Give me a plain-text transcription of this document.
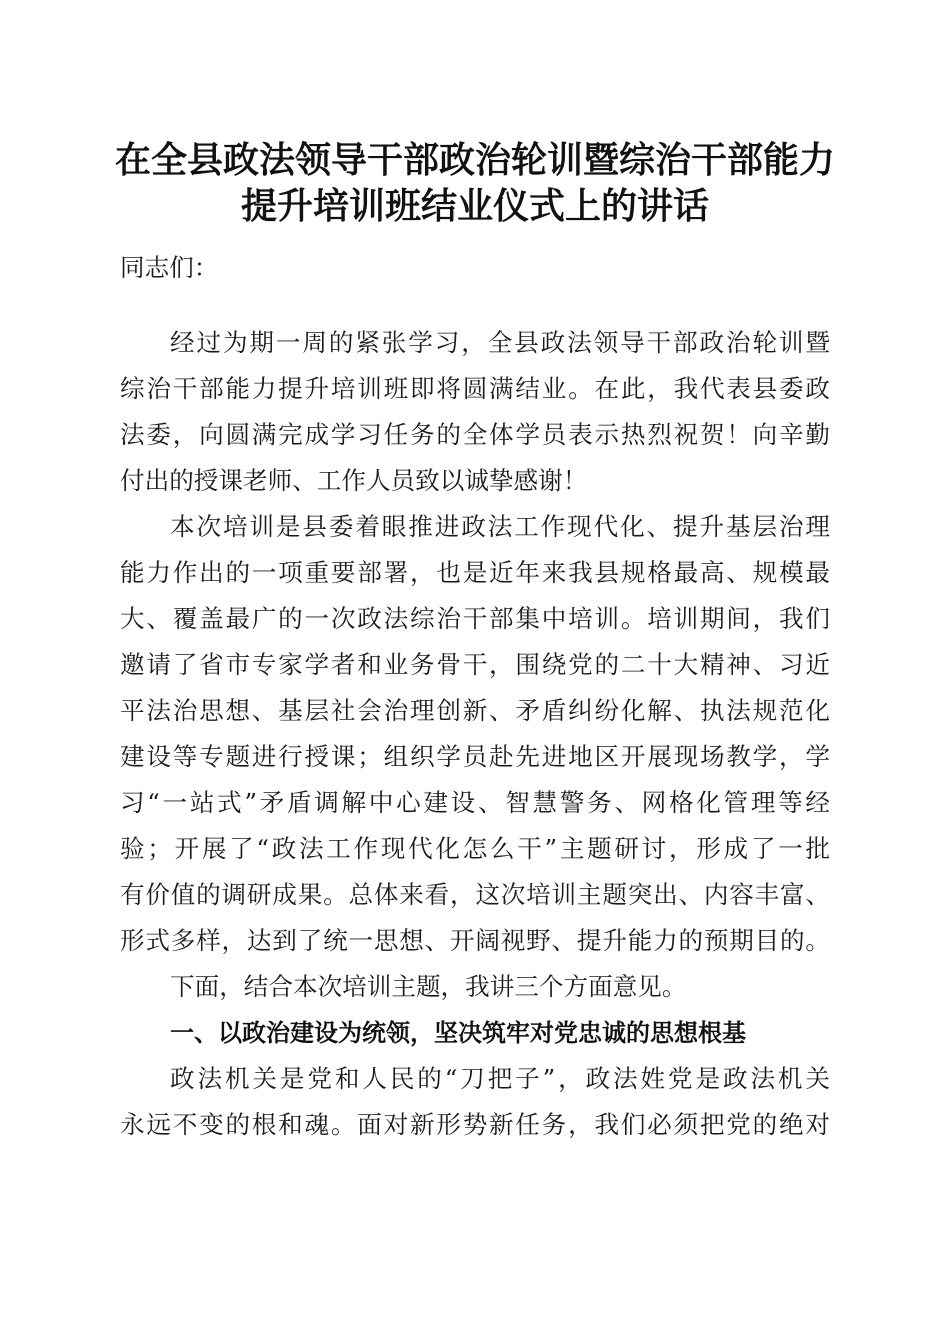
在全县政法领导干部政治轮训暨综治干部能力
提升培训班结业仪式上的讲话
同志们：
经过为期一周的紧张学习，全县政法领导干部政治轮训暨
综治干部能力提升培训班即将圆满结业。在此，我代表县委政
法委，向圆满完成学习任务的全体学员表示热烈祝贺！向辛勤
付出的授课老师、工作人员致以诚挚感谢！
本次培训是县委着眼推进政法工作现代化、提升基层治理
能力作出的一项重要部署，也是近年来我县规格最高、规模最
大、覆盖最广的一次政法综治干部集中培训。培训期间，我们
邀请了省市专家学者和业务骨干，围绕党的二十大精神、习近
平法治思想、基层社会治理创新、矛盾纠纷化解、执法规范化
建设等专题进行授课；组织学员赴先进地区开展现场教学，学
习“一站式”矛盾调解中心建设、智慧警务、网格化管理等经
验；开展了“政法工作现代化怎么干”主题研讨，形成了一批
有价值的调研成果。总体来看，这次培训主题突出、内容丰富、
形式多样，达到了统一思想、开阔视野、提升能力的预期目的。
下面，结合本次培训主题，我讲三个方面意见。
一、以政治建设为统领，坚决筑牢对党忠诚的思想根基
政法机关是党和人民的“刀把子”，政法姓党是政法机关
永远不变的根和魂。面对新形势新任务，我们必须把党的绝对
